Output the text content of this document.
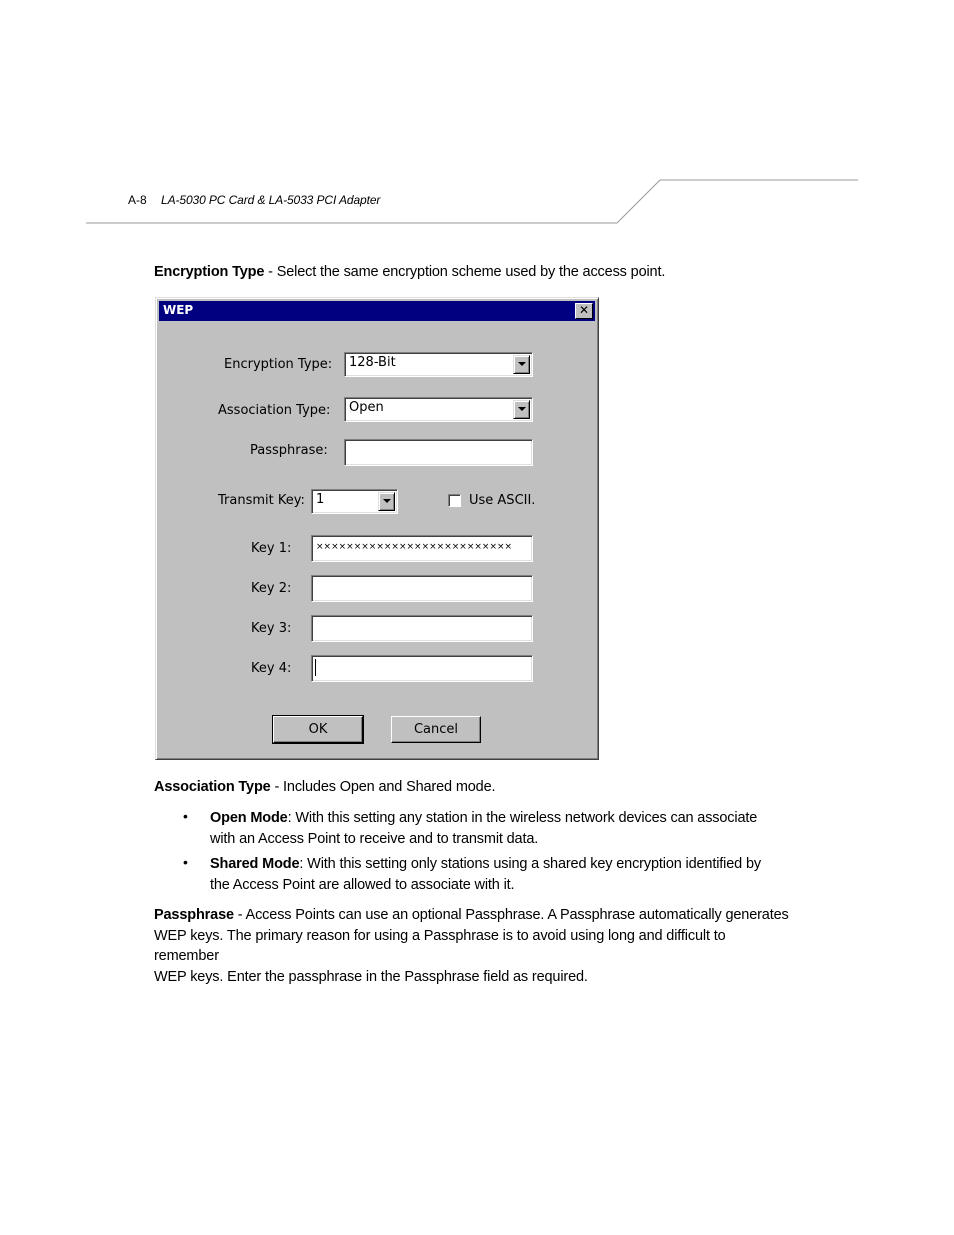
A-8 LA-5030 PC Card & LA-5033 PCI Adapter
Encryption Type - Select the same encryption scheme used by the access point.
WEP	✕
Encryption Type:	128-Bit
Association Type:	Open
Passphrase:
Transmit Key: 1	Use ASCII.
Key 1:	××××××××××××××××××××××××××
Key 2:
Key 3:
Key 4:
OK	Cancel
Association Type - Includes Open and Shared mode.
• Open Mode: With this setting any station in the wireless network devices can associate
with an Access Point to receive and to transmit data.
• Shared Mode: With this setting only stations using a shared key encryption identified by
the Access Point are allowed to associate with it.
Passphrase - Access Points can use an optional Passphrase. A Passphrase automatically generates
WEP keys. The primary reason for using a Passphrase is to avoid using long and difficult to remember
WEP keys. Enter the passphrase in the Passphrase field as required.
